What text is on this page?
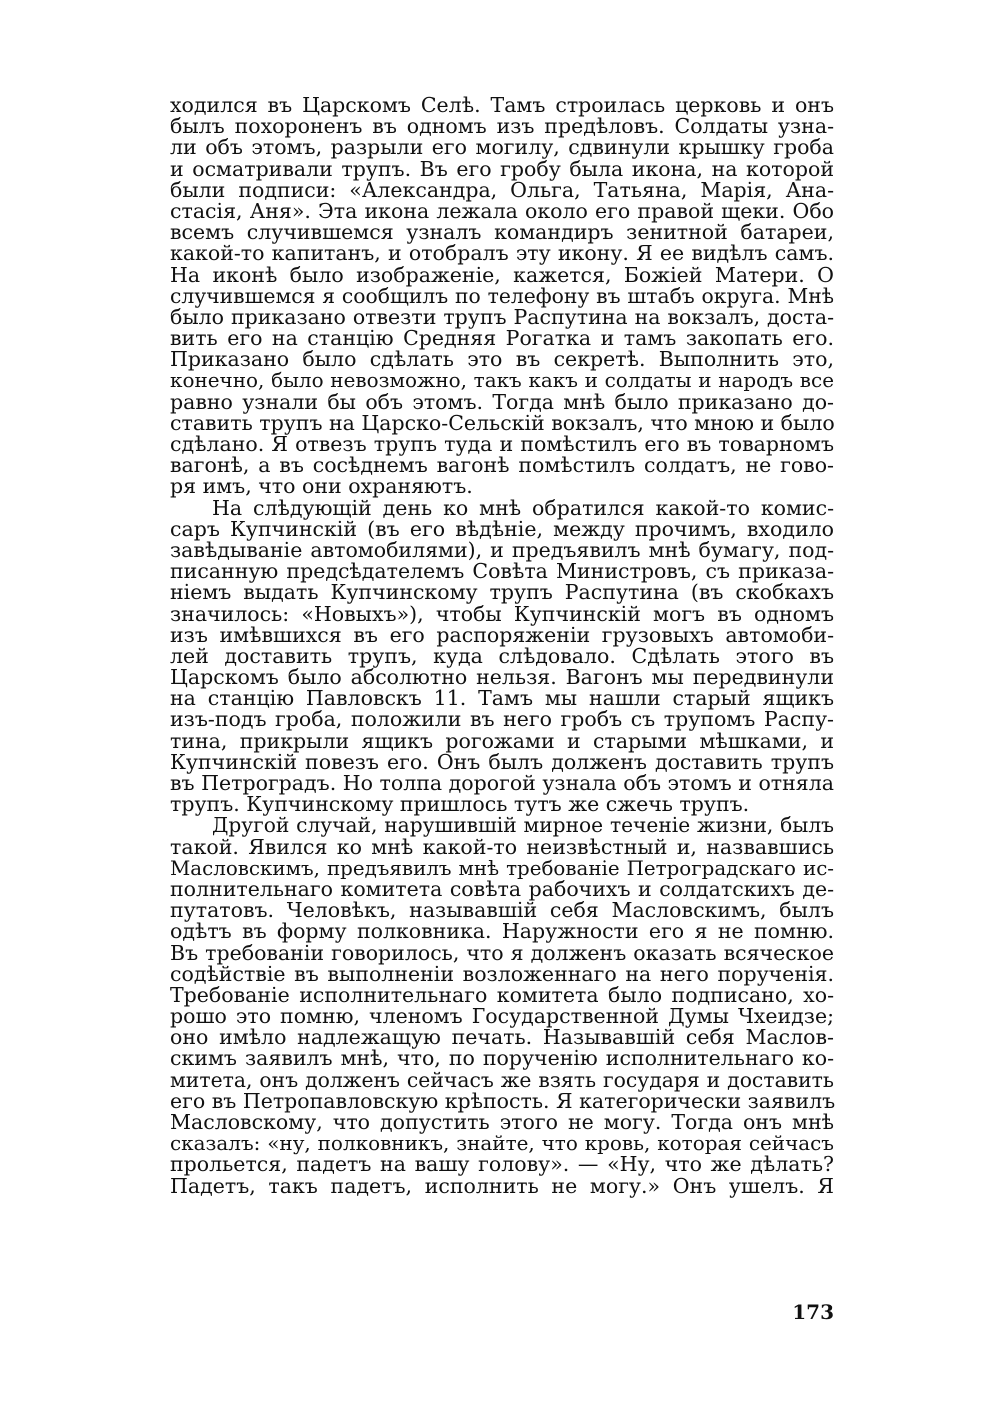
ходился въ Царскомъ Селѣ. Тамъ строилась церковь и онъ
былъ похороненъ въ одномъ изъ предѣловъ. Солдаты узна-
ли объ этомъ, разрыли его могилу, сдвинули крышку гроба
и осматривали трупъ. Въ его гробу была икона, на которой
были подписи: «Александра, Ольга, Татьяна, Марія, Ана-
стасія, Аня». Эта икона лежала около его правой щеки. Обо
всемъ случившемся узналъ командиръ зенитной батареи,
какой-то капитанъ, и отобралъ эту икону. Я ее видѣлъ самъ.
На иконѣ было изображеніе, кажется, Божіей Матери. О
случившемся я сообщилъ по телефону въ штабъ округа. Мнѣ
было приказано отвезти трупъ Распутина на вокзалъ, доста-
вить его на станцію Средняя Рогатка и тамъ закопать его.
Приказано было сдѣлать это въ секретѣ. Выполнить это,
конечно, было невозможно, такъ какъ и солдаты и народъ все
равно узнали бы объ этомъ. Тогда мнѣ было приказано до-
ставить трупъ на Царско-Сельскій вокзалъ, что мною и было
сдѣлано. Я отвезъ трупъ туда и помѣстилъ его въ товарномъ
вагонѣ, а въ сосѣднемъ вагонѣ помѣстилъ солдатъ, не гово-
ря имъ, что они охраняютъ.
На слѣдующій день ко мнѣ обратился какой-то комис-
саръ Купчинскій (въ его вѣдѣніе, между прочимъ, входило
завѣдываніе автомобилями), и предъявилъ мнѣ бумагу, под-
писанную предсѣдателемъ Совѣта Министровъ, съ приказа-
ніемъ выдать Купчинскому трупъ Распутина (въ скобкахъ
значилось: «Новыхъ»), чтобы Купчинскій могъ въ одномъ
изъ имѣвшихся въ его распоряженіи грузовыхъ автомоби-
лей доставить трупъ, куда слѣдовало. Сдѣлать этого въ
Царскомъ было абсолютно нельзя. Вагонъ мы передвинули
на станцію Павловскъ 11. Тамъ мы нашли старый ящикъ
изъ-подъ гроба, положили въ него гробъ съ трупомъ Распу-
тина, прикрыли ящикъ рогожами и старыми мѣшками, и
Купчинскій повезъ его. Онъ былъ долженъ доставить трупъ
въ Петроградъ. Но толпа дорогой узнала объ этомъ и отняла
трупъ. Купчинскому пришлось тутъ же сжечь трупъ.
Другой случай, нарушившій мирное теченіе жизни, былъ
такой. Явился ко мнѣ какой-то неизвѣстный и, назвавшись
Масловскимъ, предъявилъ мнѣ требованіе Петроградскаго ис-
полнительнаго комитета совѣта рабочихъ и солдатскихъ де-
путатовъ. Человѣкъ, называвшій себя Масловскимъ, былъ
одѣтъ въ форму полковника. Наружности его я не помню.
Въ требованіи говорилось, что я долженъ оказать всяческое
содѣйствіе въ выполненіи возложеннаго на него порученія.
Требованіе исполнительнаго комитета было подписано, хо-
рошо это помню, членомъ Государственной Думы Чхеидзе;
оно имѣло надлежащую печать. Называвшій себя Маслов-
скимъ заявилъ мнѣ, что, по порученію исполнительнаго ко-
митета, онъ долженъ сейчасъ же взять государя и доставить
его въ Петропавловскую крѣпость. Я категорически заявилъ
Масловскому, что допустить этого не могу. Тогда онъ мнѣ
сказалъ: «ну, полковникъ, знайте, что кровь, которая сейчасъ
прольется, падетъ на вашу голову». — «Ну, что же дѣлать?
Падетъ, такъ падетъ, исполнить не могу.» Онъ ушелъ. Я
173
